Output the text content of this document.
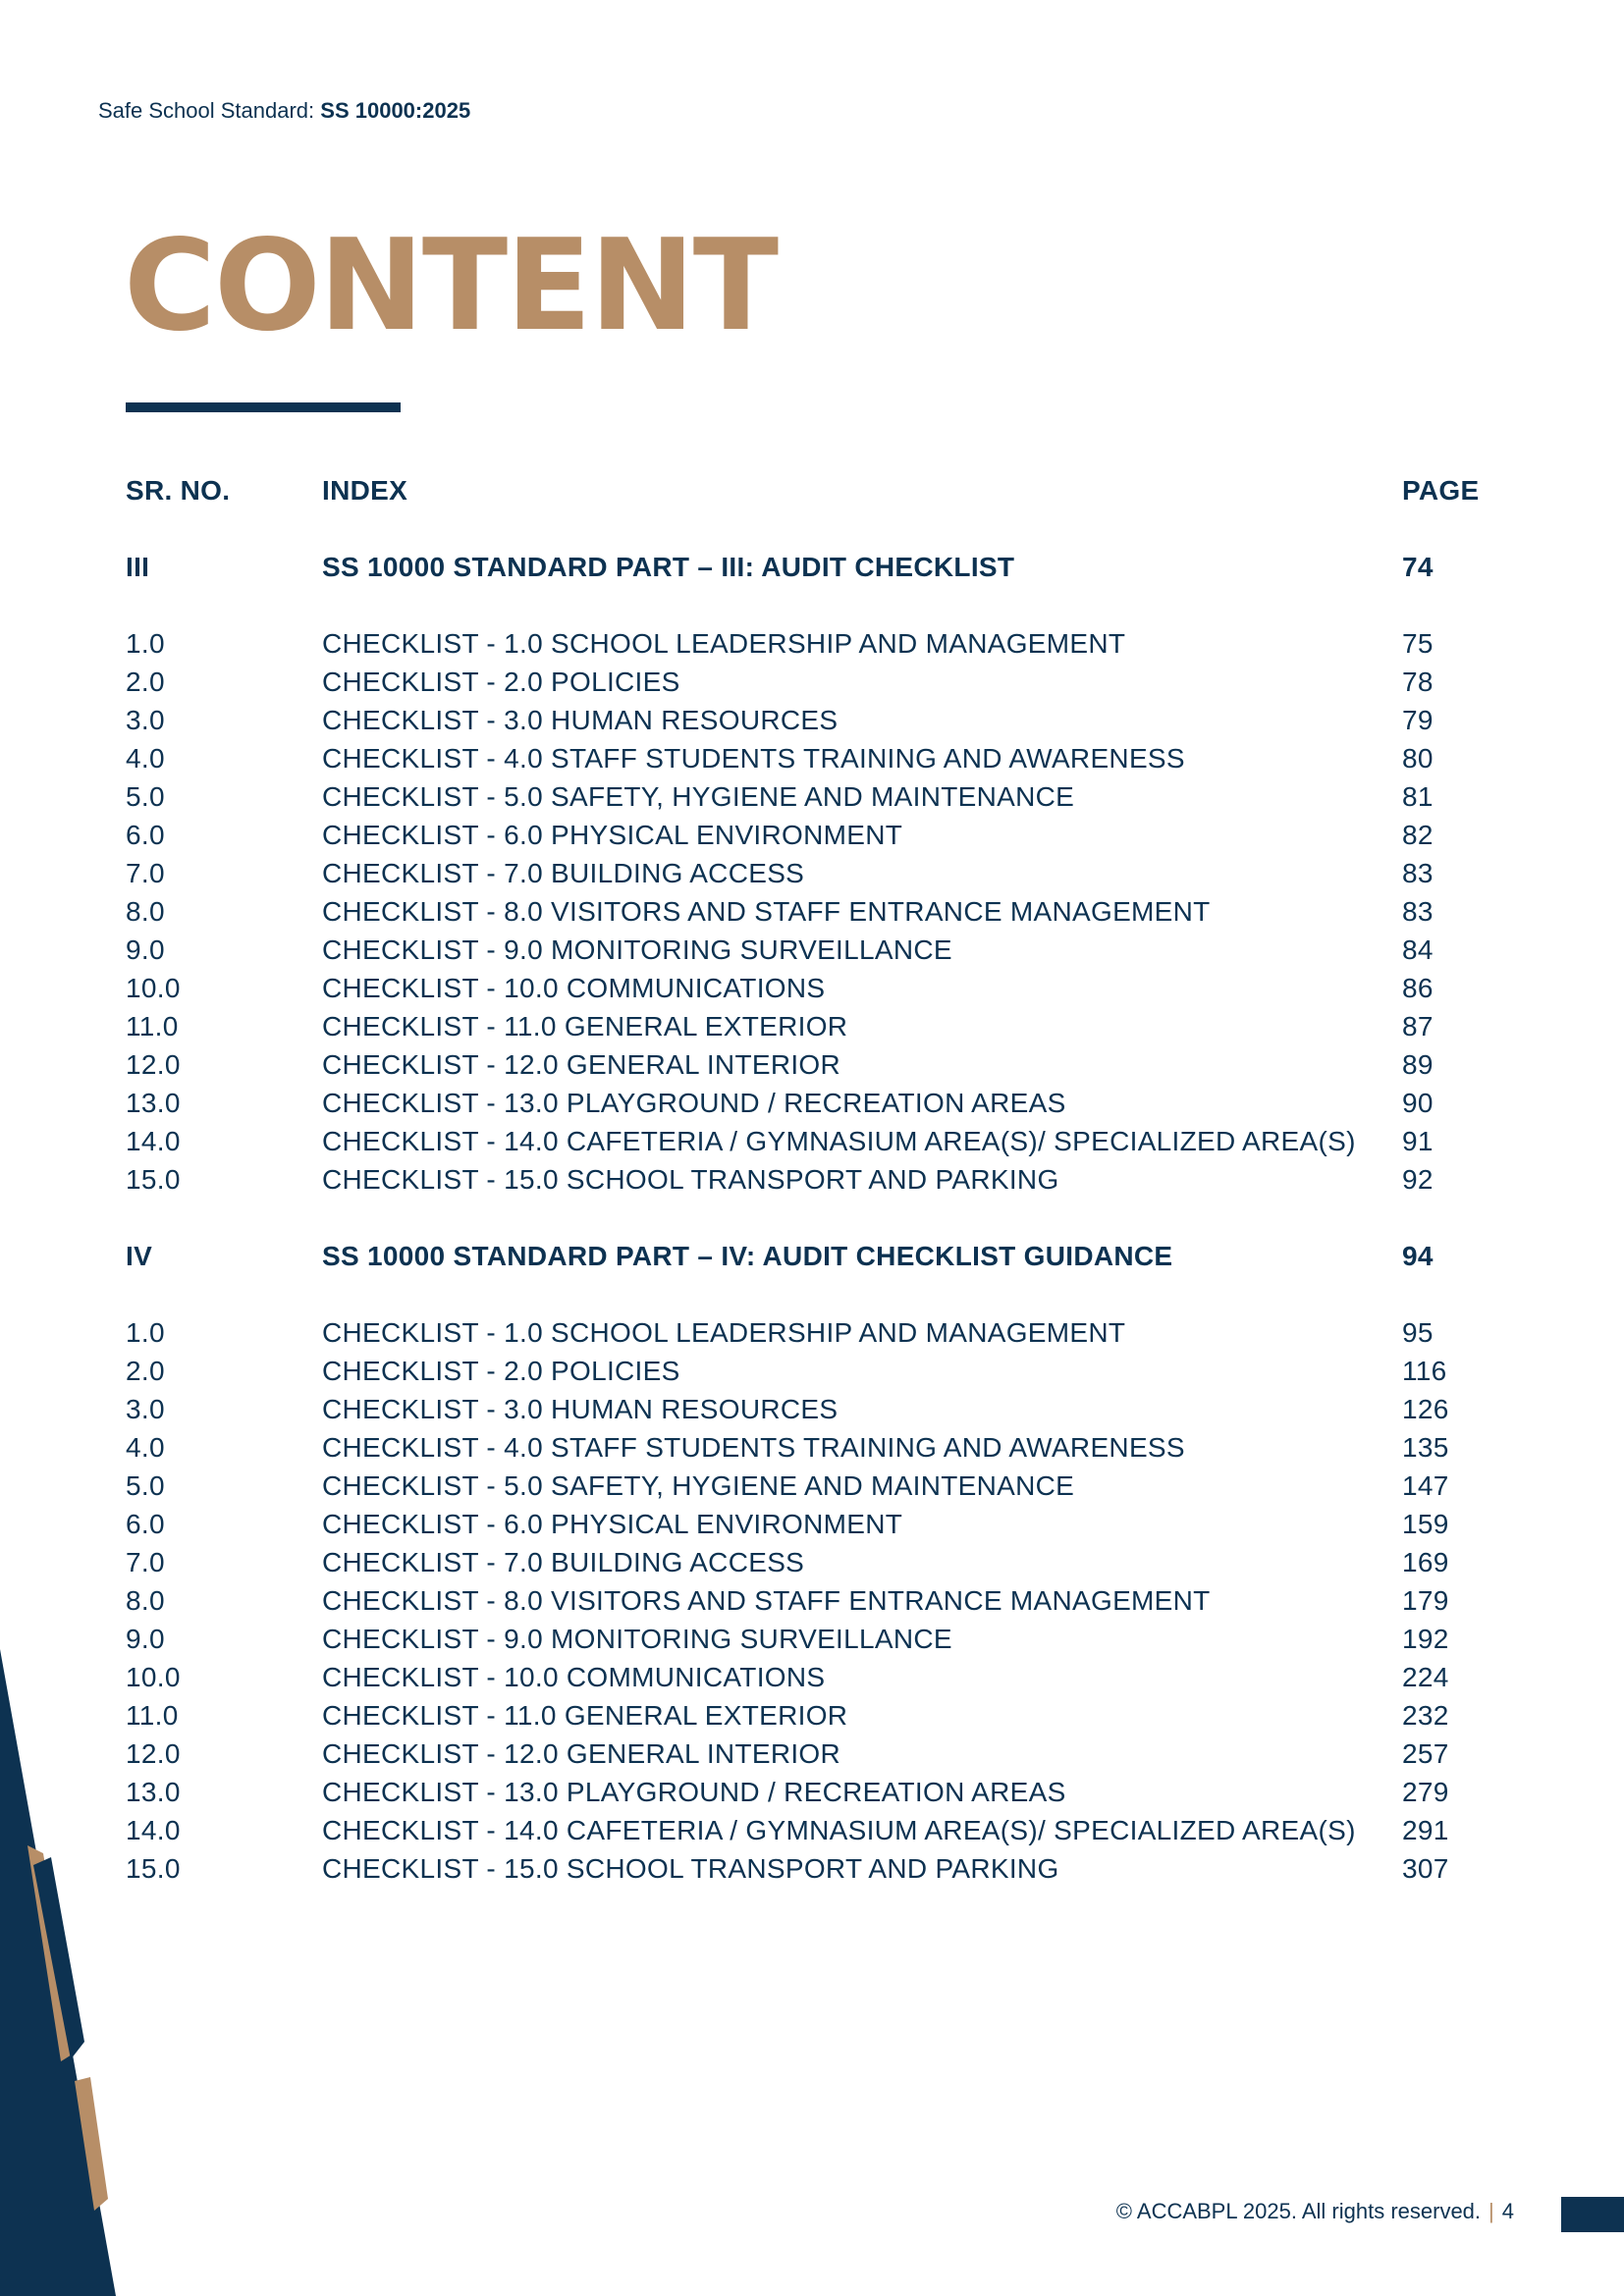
Safe School Standard: SS 10000:2025
CONTENT
SR. NO.	INDEX	PAGE
III	SS 10000 STANDARD PART – III: AUDIT CHECKLIST	74
1.0	CHECKLIST - 1.0 SCHOOL LEADERSHIP AND MANAGEMENT	75
2.0	CHECKLIST - 2.0 POLICIES	78
3.0	CHECKLIST - 3.0 HUMAN RESOURCES	79
4.0	CHECKLIST - 4.0 STAFF STUDENTS TRAINING AND AWARENESS	80
5.0	CHECKLIST - 5.0 SAFETY, HYGIENE AND MAINTENANCE	81
6.0	CHECKLIST - 6.0 PHYSICAL ENVIRONMENT	82
7.0	CHECKLIST - 7.0 BUILDING ACCESS	83
8.0	CHECKLIST - 8.0 VISITORS AND STAFF ENTRANCE MANAGEMENT	83
9.0	CHECKLIST - 9.0 MONITORING SURVEILLANCE	84
10.0	CHECKLIST - 10.0 COMMUNICATIONS	86
11.0	CHECKLIST - 11.0 GENERAL EXTERIOR	87
12.0	CHECKLIST - 12.0 GENERAL INTERIOR	89
13.0	CHECKLIST - 13.0 PLAYGROUND / RECREATION AREAS	90
14.0	CHECKLIST - 14.0 CAFETERIA / GYMNASIUM AREA(S)/ SPECIALIZED AREA(S)	91
15.0	CHECKLIST - 15.0 SCHOOL TRANSPORT AND PARKING	92
IV	SS 10000 STANDARD PART – IV: AUDIT CHECKLIST GUIDANCE	94
1.0	CHECKLIST - 1.0 SCHOOL LEADERSHIP AND MANAGEMENT	95
2.0	CHECKLIST - 2.0 POLICIES	116
3.0	CHECKLIST - 3.0 HUMAN RESOURCES	126
4.0	CHECKLIST - 4.0 STAFF STUDENTS TRAINING AND AWARENESS	135
5.0	CHECKLIST - 5.0 SAFETY, HYGIENE AND MAINTENANCE	147
6.0	CHECKLIST - 6.0 PHYSICAL ENVIRONMENT	159
7.0	CHECKLIST - 7.0 BUILDING ACCESS	169
8.0	CHECKLIST - 8.0 VISITORS AND STAFF ENTRANCE MANAGEMENT	179
9.0	CHECKLIST - 9.0 MONITORING SURVEILLANCE	192
10.0	CHECKLIST - 10.0 COMMUNICATIONS	224
11.0	CHECKLIST - 11.0 GENERAL EXTERIOR	232
12.0	CHECKLIST - 12.0 GENERAL INTERIOR	257
13.0	CHECKLIST - 13.0 PLAYGROUND / RECREATION AREAS	279
14.0	CHECKLIST - 14.0 CAFETERIA / GYMNASIUM AREA(S)/ SPECIALIZED AREA(S)	291
15.0	CHECKLIST - 15.0 SCHOOL TRANSPORT AND PARKING	307
© ACCABPL 2025. All rights reserved. | 4
